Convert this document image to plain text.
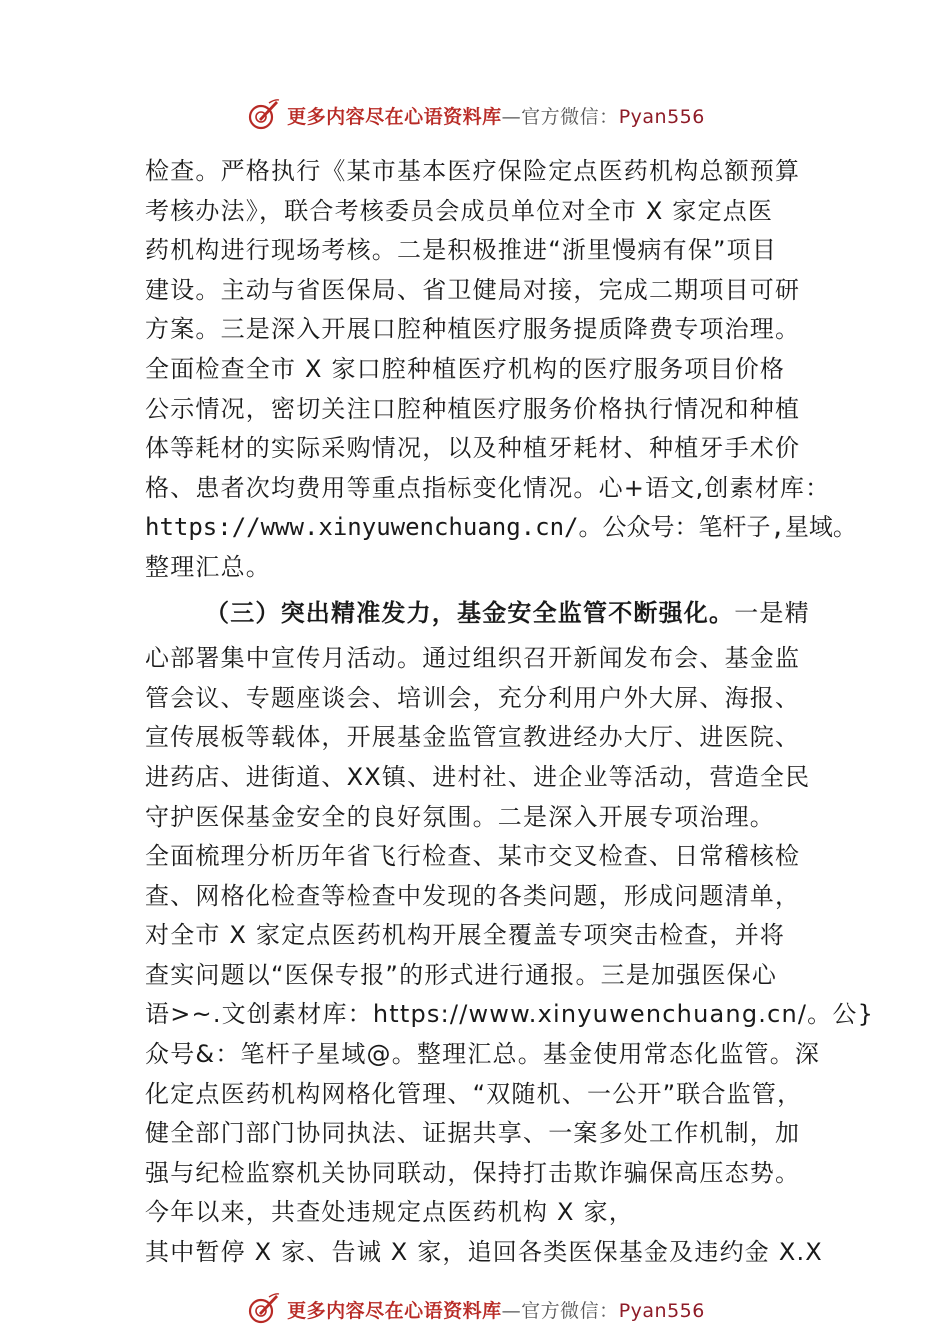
更多内容尽在心语资料库—官方微信：Pyan556
检查。严格执行《某市基本医疗保险定点医药机构总额预算
考核办法》，联合考核委员会成员单位对全市 X 家定点医
药机构进行现场考核。二是积极推进“浙里慢病有保”项目
建设。主动与省医保局、省卫健局对接，完成二期项目可研
方案。三是深入开展口腔种植医疗服务提质降费专项治理。
全面检查全市 X 家口腔种植医疗机构的医疗服务项目价格
公示情况，密切关注口腔种植医疗服务价格执行情况和种植
体等耗材的实际采购情况，以及种植牙耗材、种植牙手术价
格、患者次均费用等重点指标变化情况。心+语文,创素材库：
https://www.xinyuwenchuang.cn/。公众号：笔杆子,星域。
整理汇总。
（三）突出精准发力，基金安全监管不断强化。一是精
心部署集中宣传月活动。通过组织召开新闻发布会、基金监
管会议、专题座谈会、培训会，充分利用户外大屏、海报、
宣传展板等载体，开展基金监管宣教进经办大厅、进医院、
进药店、进街道、XX镇、进村社、进企业等活动，营造全民
守护医保基金安全的良好氛围。二是深入开展专项治理。
全面梳理分析历年省飞行检查、某市交叉检查、日常稽核检
查、网格化检查等检查中发现的各类问题，形成问题清单，
对全市 X 家定点医药机构开展全覆盖专项突击检查，并将
查实问题以“医保专报”的形式进行通报。三是加强医保心
语>~.文创素材库：https://www.xinyuwenchuang.cn/。公}
众号&：笔杆子星域@。整理汇总。基金使用常态化监管。深
化定点医药机构网格化管理、“双随机、一公开”联合监管，
健全部门部门协同执法、证据共享、一案多处工作机制，加
强与纪检监察机关协同联动，保持打击欺诈骗保高压态势。
今年以来，共查处违规定点医药机构 X 家，
其中暂停 X 家、告诫 X 家，追回各类医保基金及违约金 X.X
更多内容尽在心语资料库—官方微信：Pyan556
